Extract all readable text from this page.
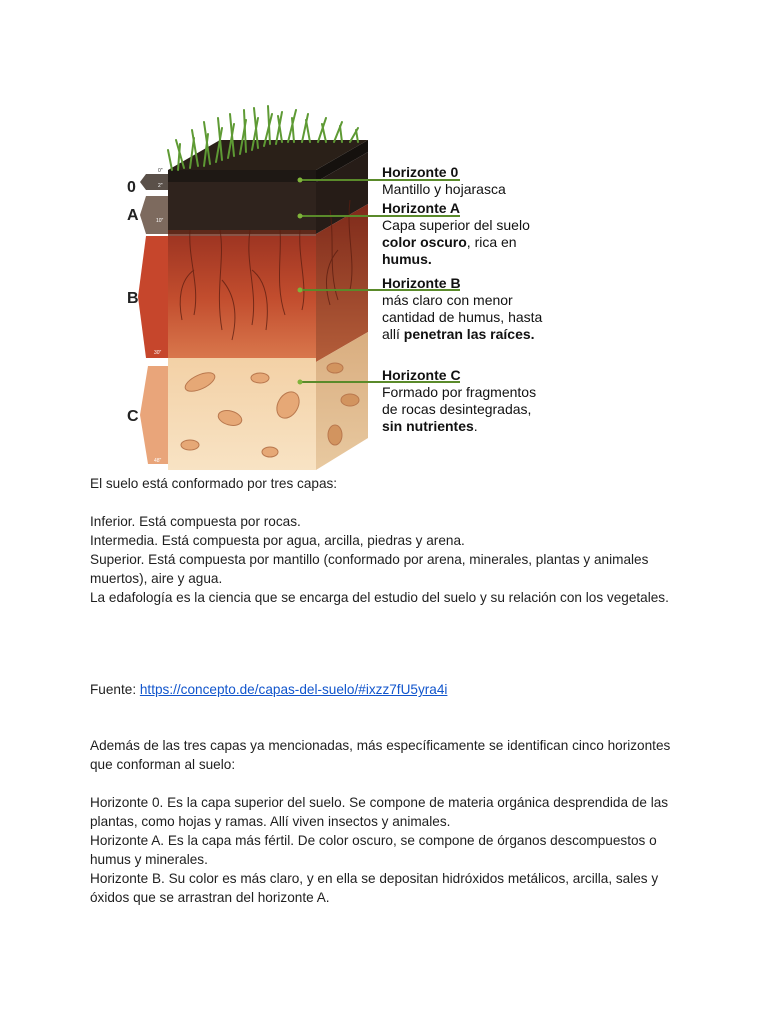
0"
2"
10"
30"
48"
0
A
B
C
Horizonte 0
Mantillo y hojarasca
Horizonte A
Capa superior del suelo
color oscuro, rica en
humus.
Horizonte B
más claro con menor
cantidad de humus, hasta
allí penetran las raíces.
Horizonte C
Formado por fragmentos
de rocas desintegradas,
sin nutrientes.

El suelo está conformado por tres capas:

Inferior. Está compuesta por rocas.

Intermedia. Está compuesta por agua, arcilla, piedras y arena.

Superior. Está compuesta por mantillo (conformado por arena, minerales, plantas y animales muertos), aire y agua.

La edafología es la ciencia que se encarga del estudio del suelo y su relación con los vegetales.

Fuente: https://concepto.de/capas-del-suelo/#ixzz7fU5yra4i

Además de las tres capas ya mencionadas, más específicamente se identifican cinco horizontes que conforman al suelo:

Horizonte 0. Es la capa superior del suelo. Se compone de materia orgánica desprendida de las plantas, como hojas y ramas. Allí viven insectos y animales.

Horizonte A. Es la capa más fértil. De color oscuro, se compone de órganos descompuestos o humus y minerales.

Horizonte B. Su color es más claro, y en ella se depositan hidróxidos metálicos, arcilla, sales y óxidos que se arrastran del horizonte A.
